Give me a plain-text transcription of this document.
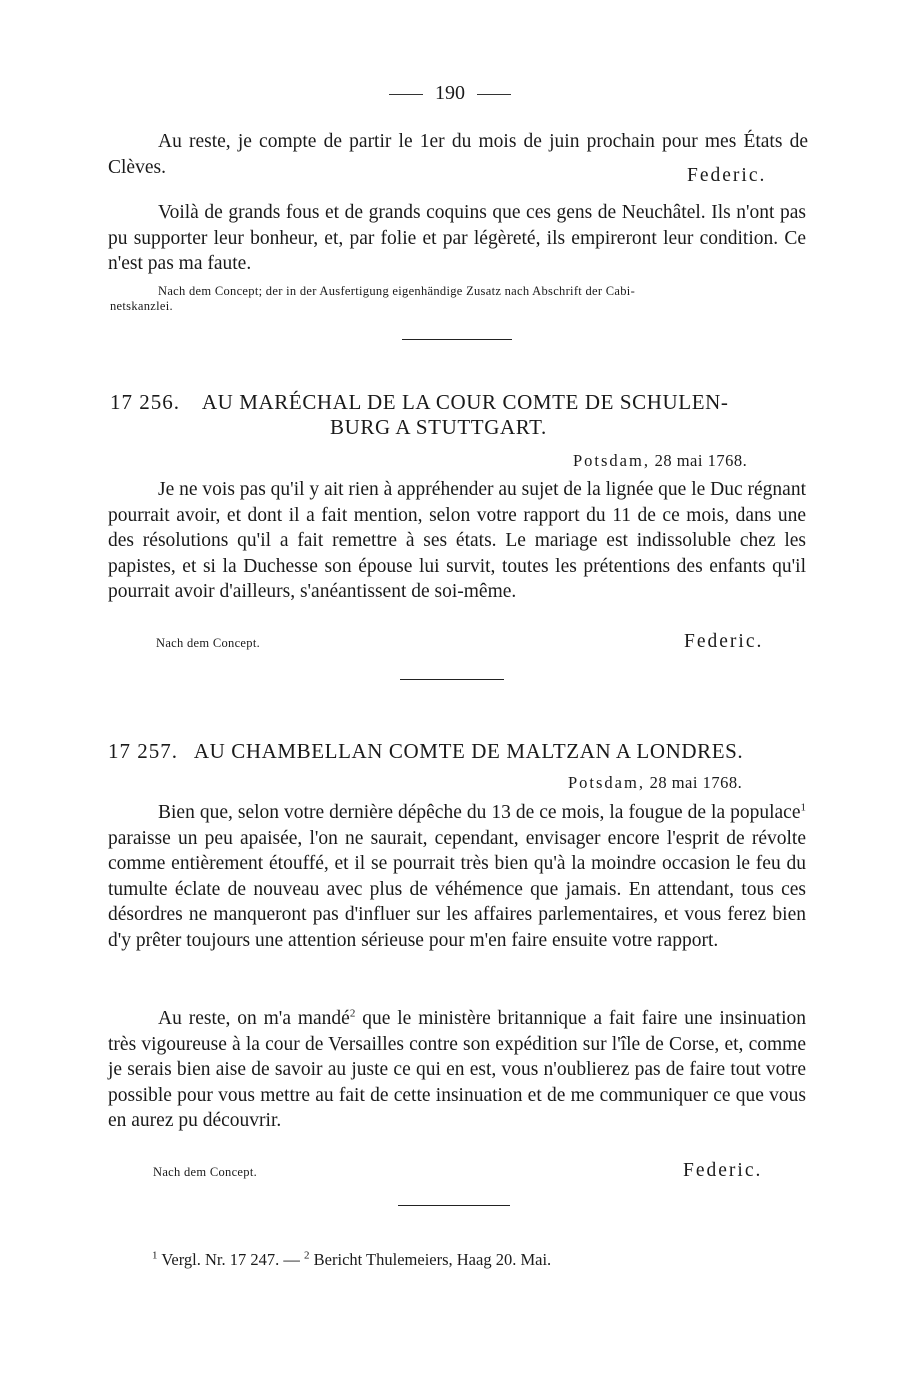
190
Au reste, je compte de partir le 1er du mois de juin prochain pour mes États de Clèves.	Federic.
Voilà de grands fous et de grands coquins que ces gens de Neuchâtel. Ils n'ont pas pu supporter leur bonheur, et, par folie et par légèreté, ils empireront leur condition. Ce n'est pas ma faute.
Nach dem Concept; der in der Ausfertigung eigenhändige Zusatz nach Abschrift der Cabi-
netskanzlei.
17 256. AU MARÉCHAL DE LA COUR COMTE DE SCHULEN-
BURG A STUTTGART.
Potsdam, 28 mai 1768.
Je ne vois pas qu'il y ait rien à appréhender au sujet de la lignée que le Duc régnant pourrait avoir, et dont il a fait mention, selon votre rapport du 11 de ce mois, dans une des résolutions qu'il a fait remettre à ses états. Le mariage est indissoluble chez les papistes, et si la Duchesse son épouse lui survit, toutes les prétentions des enfants qu'il pourrait avoir d'ailleurs, s'anéantissent de soi-même.
Nach dem Concept.	Federic.
17 257. AU CHAMBELLAN COMTE DE MALTZAN A LONDRES.
Potsdam, 28 mai 1768.
Bien que, selon votre dernière dépêche du 13 de ce mois, la fougue de la populace$^1$ paraisse un peu apaisée, l'on ne saurait, cependant, envisager encore l'esprit de révolte comme entièrement étouffé, et il se pourrait très bien qu'à la moindre occasion le feu du tumulte éclate de nouveau avec plus de véhémence que jamais. En attendant, tous ces désordres ne manqueront pas d'influer sur les affaires parlementaires, et vous ferez bien d'y prêter toujours une attention sérieuse pour m'en faire ensuite votre rapport.
Au reste, on m'a mandé$^2$ que le ministère britannique a fait faire une insinuation très vigoureuse à la cour de Versailles contre son expédition sur l'île de Corse, et, comme je serais bien aise de savoir au juste ce qui en est, vous n'oublierez pas de faire tout votre possible pour vous mettre au fait de cette insinuation et de me communiquer ce que vous en aurez pu découvrir.
Nach dem Concept.	Federic.
$^1$ Vergl. Nr. 17 247. — $^2$ Bericht Thulemeiers, Haag 20. Mai.
